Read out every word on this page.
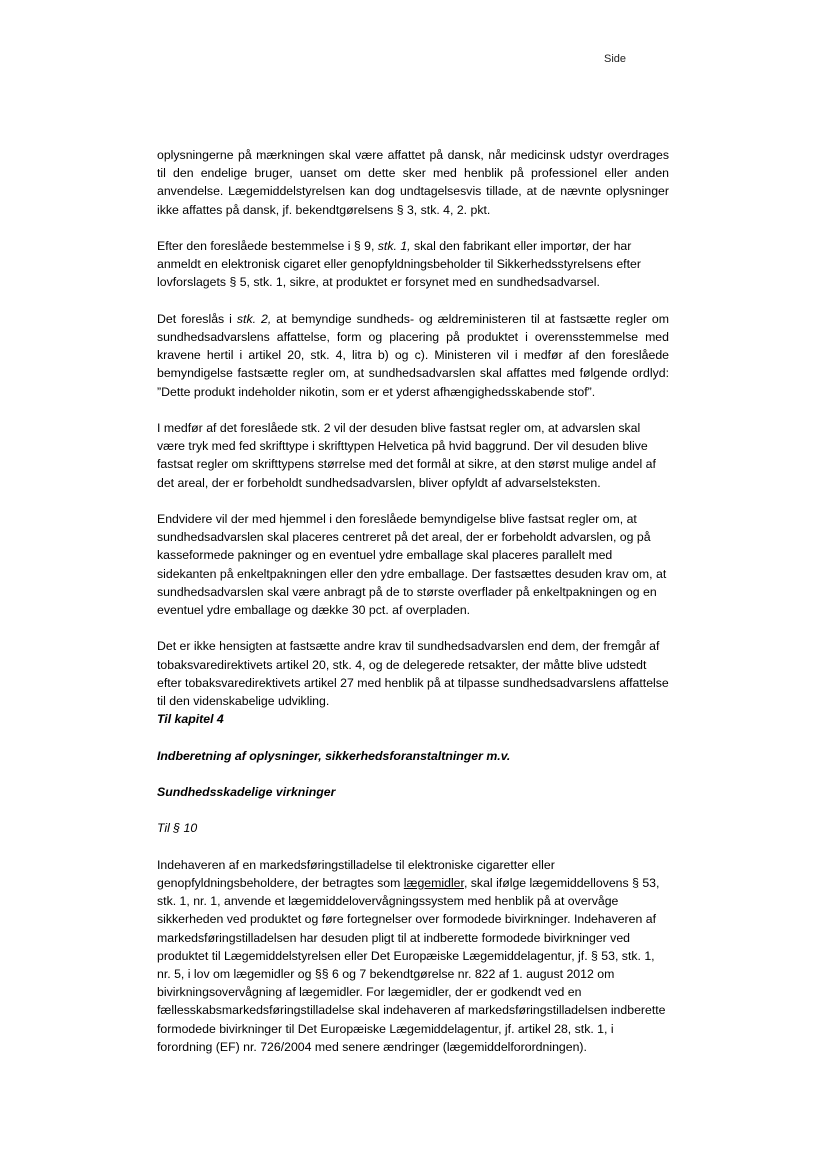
Side

oplysningerne på mærkningen skal være affattet på dansk, når medicinsk udstyr overdrages til den endelige bruger, uanset om dette sker med henblik på professionel eller anden anvendelse. Lægemiddelstyrelsen kan dog undtagelsesvis tillade, at de nævnte oplysninger ikke affattes på dansk, jf. bekendtgørelsens § 3, stk. 4, 2. pkt.

Efter den foreslåede bestemmelse i § 9, stk. 1, skal den fabrikant eller importør, der har anmeldt en elektronisk cigaret eller genopfyldningsbeholder til Sikkerhedsstyrelsens efter lovforslagets § 5, stk. 1, sikre, at produktet er forsynet med en sundhedsadvarsel.

Det foreslås i stk. 2, at bemyndige sundheds- og ældreministeren til at fastsætte regler om sundhedsadvarslens affattelse, form og placering på produktet i overensstemmelse med kravene hertil i artikel 20, stk. 4, litra b) og c). Ministeren vil i medfør af den foreslåede bemyndigelse fastsætte regler om, at sundhedsadvarslen skal affattes med følgende ordlyd: ”Dette produkt indeholder nikotin, som er et yderst afhængighedsskabende stof”.

I medfør af det foreslåede stk. 2 vil der desuden blive fastsat regler om, at advarslen skal være tryk med fed skrifttype i skrifttypen Helvetica på hvid baggrund. Der vil desuden blive fastsat regler om skrifttypens størrelse med det formål at sikre, at den størst mulige andel af det areal, der er forbeholdt sundhedsadvarslen, bliver opfyldt af advarselsteksten.

Endvidere vil der med hjemmel i den foreslåede bemyndigelse blive fastsat regler om, at sundhedsadvarslen skal placeres centreret på det areal, der er forbeholdt advarslen, og på kasseformede pakninger og en eventuel ydre emballage skal placeres parallelt med sidekanten på enkeltpakningen eller den ydre emballage. Der fastsættes desuden krav om, at sundhedsadvarslen skal være anbragt på de to største overflader på enkeltpakningen og en eventuel ydre emballage og dække 30 pct. af overpladen.

Det er ikke hensigten at fastsætte andre krav til sundhedsadvarslen end dem, der fremgår af tobaksvaredirektivets artikel 20, stk. 4, og de delegerede retsakter, der måtte blive udstedt efter tobaksvaredirektivets artikel 27 med henblik på at tilpasse sundhedsadvarslens affattelse til den videnskabelige udvikling.

Til kapitel 4

Indberetning af oplysninger, sikkerhedsforanstaltninger m.v.

Sundhedsskadelige virkninger

Til § 10

Indehaveren af en markedsføringstilladelse til elektroniske cigaretter eller genopfyldningsbeholdere, der betragtes som lægemidler, skal ifølge lægemiddellovens § 53, stk. 1, nr. 1, anvende et lægemiddelovervågningssystem med henblik på at overvåge sikkerheden ved produktet og føre fortegnelser over formodede bivirkninger. Indehaveren af markedsføringstilladelsen har desuden pligt til at indberette formodede bivirkninger ved produktet til Lægemiddelstyrelsen eller Det Europæiske Lægemiddelagentur, jf. § 53, stk. 1, nr. 5, i lov om lægemidler og §§ 6 og 7 bekendtgørelse nr. 822 af 1. august 2012 om bivirkningsovervågning af lægemidler. For lægemidler, der er godkendt ved en fællesskabsmarkedsføringstilladelse skal indehaveren af markedsføringstilladelsen indberette formodede bivirkninger til Det Europæiske Lægemiddelagentur, jf. artikel 28, stk. 1, i forordning (EF) nr. 726/2004 med senere ændringer (lægemiddelforordningen).
